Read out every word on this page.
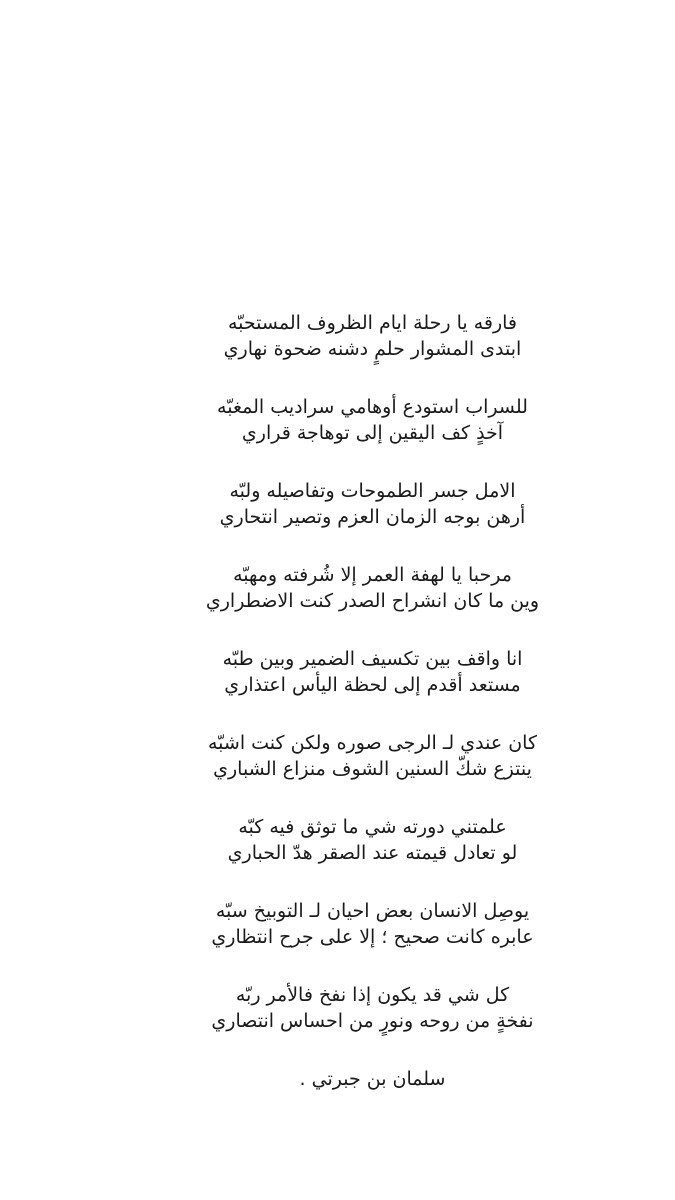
فارقه يا رحلة ايام الظروف المستحبّه
ابتدى المشوار حلمٍ دشنه ضحوة نهاري
للسراب استودع أوهامي سراديب المغبّه
آخذٍ كف اليقين إلى توهاجة قراري
الامل جسر الطموحات وتفاصيله ولبّه
أرهن بوجه الزمان العزم وتصير انتحاري
مرحبا يا لهفة العمر إلا شُرفته ومهبّه
وين ما كان انشراح الصدر كنت الاضطراري
انا واقف بين تكسيف الضمير وبين طبّه
مستعد أقدم إلى لحظة اليأس اعتذاري
كان عندي لـ الرجى صوره ولكن كنت اشبّه
ينتزع شكّ السنين الشوف منزاع الشباري
علمتني دورته شي ما توثق فيه كبّه
لو تعادل قيمته عند الصقر هدّ الحباري
يوصِل الانسان بعض احيان لـ التوبيخ سبّه
عابره كانت صحيح ؛ إلا على جرح انتظاري
كل شي قد يكون إذا نفخ فالأمر ربّه
نفخةٍ من روحه ونورٍ من احساس انتصاري
سلمان بن جبرتي .
